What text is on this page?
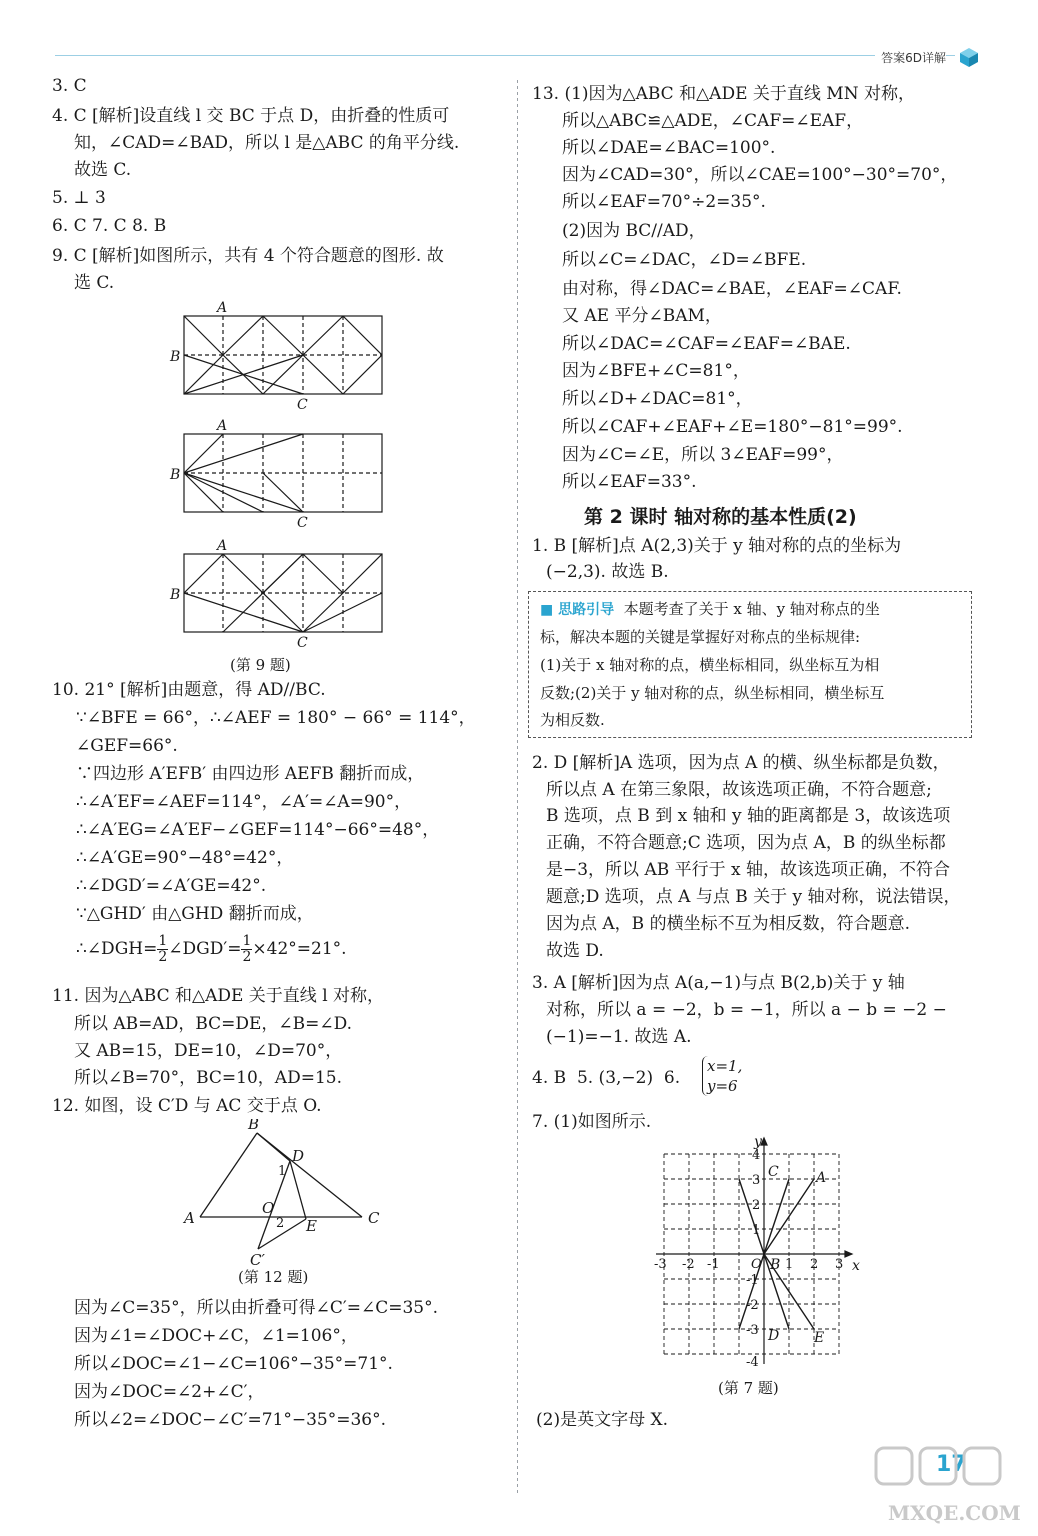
答案6D详解
3. C
4. C [解析]设直线 l 交 BC 于点 D，由折叠的性质可
知，∠CAD=∠BAD，所以 l 是△ABC 的角平分线.
故选 C.
5. ⊥ 3
6. C 7. C 8. B
9. C [解析]如图所示，共有 4 个符合题意的图形. 故
选 C.
A
B
C
A
B
C
A
B
C
(第 9 题)
10. 21° [解析]由题意，得 AD//BC.
∵∠BFE = 66°，∴∠AEF = 180° − 66° = 114°，
∠GEF=66°.
∵四边形 A′EFB′ 由四边形 AEFB 翻折而成，
∴∠A′EF=∠AEF=114°，∠A′=∠A=90°，
∴∠A′EG=∠A′EF−∠GEF=114°−66°=48°，
∴∠A′GE=90°−48°=42°，
∴∠DGD′=∠A′GE=42°.
∵△GHD′ 由△GHD 翻折而成，
∴∠DGH= $\frac{1}{2}$ ∠DGD′= $\frac{1}{2} \times 42^\circ=21^\circ$.
11. 因为△ABC 和△ADE 关于直线 l 对称，
所以 AB=AD，BC=DE，∠B=∠D.
又 AB=15，DE=10，∠D=70°，
所以∠B=70°，BC=10，AD=15.
12. 如图，设 C′D 与 AC 交于点 O.
A
B
C
D
O
E
C′
1
2
(第 12 题)
因为∠C=35°，所以由折叠可得∠C′=∠C=35°.
因为∠1=∠DOC+∠C，∠1=106°，
所以∠DOC=∠1−∠C=106°−35°=71°.
因为∠DOC=∠2+∠C′，
所以∠2=∠DOC−∠C′=71°−35°=36°.
13. (1)因为△ABC 和△ADE 关于直线 MN 对称，
所以△ABC≌△ADE，∠CAF=∠EAF，
所以∠DAE=∠BAC=100°.
因为∠CAD=30°，所以∠CAE=100°−30°=70°，
所以∠EAF=70°÷2=35°.
(2)因为 BC//AD，
所以∠C=∠DAC，∠D=∠BFE.
由对称，得∠DAC=∠BAE，∠EAF=∠CAF.
又 AE 平分∠BAM，
所以∠DAC=∠CAF=∠EAF=∠BAE.
因为∠BFE+∠C=81°，
所以∠D+∠DAC=81°，
所以∠CAF+∠EAF+∠E=180°−81°=99°.
因为∠C=∠E，所以 3∠EAF=99°，
所以∠EAF=33°.
第 2 课时 轴对称的基本性质(2)
1. B [解析]点 A(2,3)关于 y 轴对称的点的坐标为
(−2,3). 故选 B.
2. D [解析]A 选项，因为点 A 的横、纵坐标都是负数，
所以点 A 在第三象限，故该选项正确，不符合题意;
B 选项，点 B 到 x 轴和 y 轴的距离都是 3，故该选项
正确，不符合题意;C 选项，因为点 A，B 的纵坐标都
是−3，所以 AB 平行于 x 轴，故该选项正确，不符合
题意;D 选项，点 A 与点 B 关于 y 轴对称，说法错误，
因为点 A，B 的横坐标不互为相反数，符合题意.
故选 D.
3. A [解析]因为点 A(a,−1)与点 B(2,b)关于 y 轴
对称，所以 a = −2，b = −1，所以 a − b = −2 −
(−1)=−1. 故选 A.
4. B 5. (3,−2) 6.
x=1,
y=6
7. (1)如图所示.
-3 -2 -1	1 2 3
4
3
2
1
-1
-2
-3
-4
O	x
y
A
B
C
D E
(第 7 题)
(2)是英文字母 X.
■ 思路引导 本题考查了关于 x 轴、y 轴对称点的坐
标，解决本题的关键是掌握好对称点的坐标规律:
(1)关于 x 轴对称的点，横坐标相同，纵坐标互为相
反数;(2)关于 y 轴对称的点，纵坐标相同，横坐标互
为相反数.
17
MXQE.COM
